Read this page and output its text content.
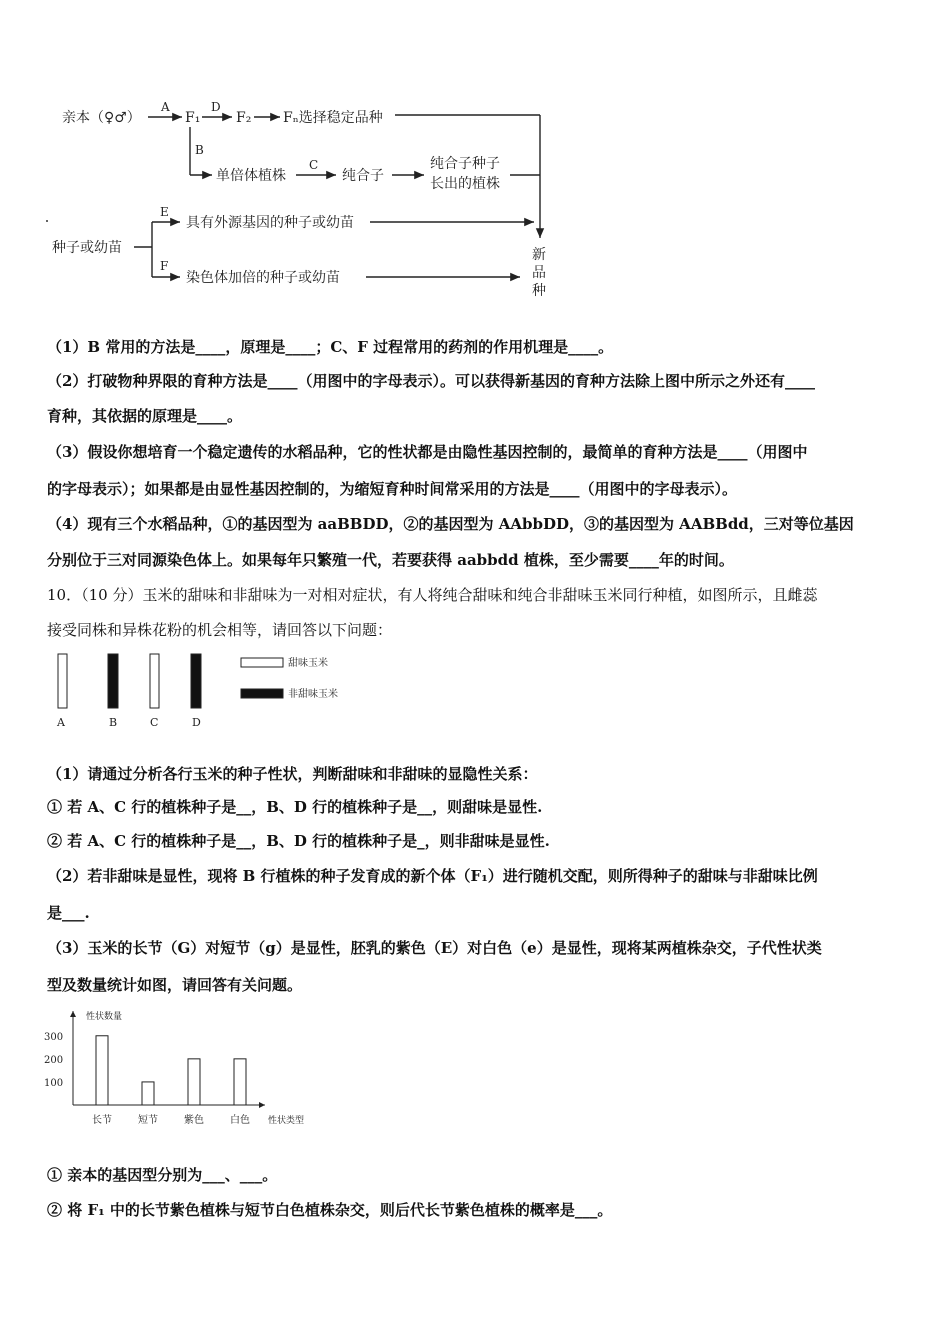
亲本（♀♂）
A
F₁
D
F₂ Fₙ选择稳定品种
B
单倍体植株
C
纯合子
纯合子种子
长出的植株
种子或幼苗
E
具有外源基因的种子或幼苗
F
染色体加倍的种子或幼苗
新
品
种
（1）B 常用的方法是____，原理是____；C、F 过程常用的药剂的作用机理是____。
（2）打破物种界限的育种方法是____（用图中的字母表示）。可以获得新基因的育种方法除上图中所示之外还有____
育种，其依据的原理是____。
（3）假设你想培育一个稳定遗传的水稻品种，它的性状都是由隐性基因控制的，最简单的育种方法是____（用图中
的字母表示）；如果都是由显性基因控制的，为缩短育种时间常采用的方法是____（用图中的字母表示）。
（4）现有三个水稻品种，①的基因型为 aaBBDD，②的基因型为 AAbbDD，③的基因型为 AABBdd，三对等位基因
分别位于三对同源染色体上。如果每年只繁殖一代，若要获得 aabbdd 植株，至少需要____年的时间。
10．（10 分）玉米的甜味和非甜味为一对相对症状，有人将纯合甜味和纯合非甜味玉米同行种植，如图所示，且雌蕊
接受同株和异株花粉的机会相等，请回答以下问题：
A	B	C	D
甜味玉米
非甜味玉米
（1）请通过分析各行玉米的种子性状，判断甜味和非甜味的显隐性关系：
① 若 A、C 行的植株种子是__，B、D 行的植株种子是__，则甜味是显性.
② 若 A、C 行的植株种子是__，B、D 行的植株种子是_，则非甜味是显性.
（2）若非甜味是显性，现将 B 行植株的种子发育成的新个体（F₁）进行随机交配，则所得种子的甜味与非甜味比例
是___.
（3）玉米的长节（G）对短节（g）是显性，胚乳的紫色（E）对白色（e）是显性，现将某两植株杂交，子代性状类
型及数量统计如图，请回答有关问题。
性状数量
性状类型
100
200
300
长节	短节	紫色	白色
① 亲本的基因型分别为___、___。
② 将 F₁ 中的长节紫色植株与短节白色植株杂交，则后代长节紫色植株的概率是___。
